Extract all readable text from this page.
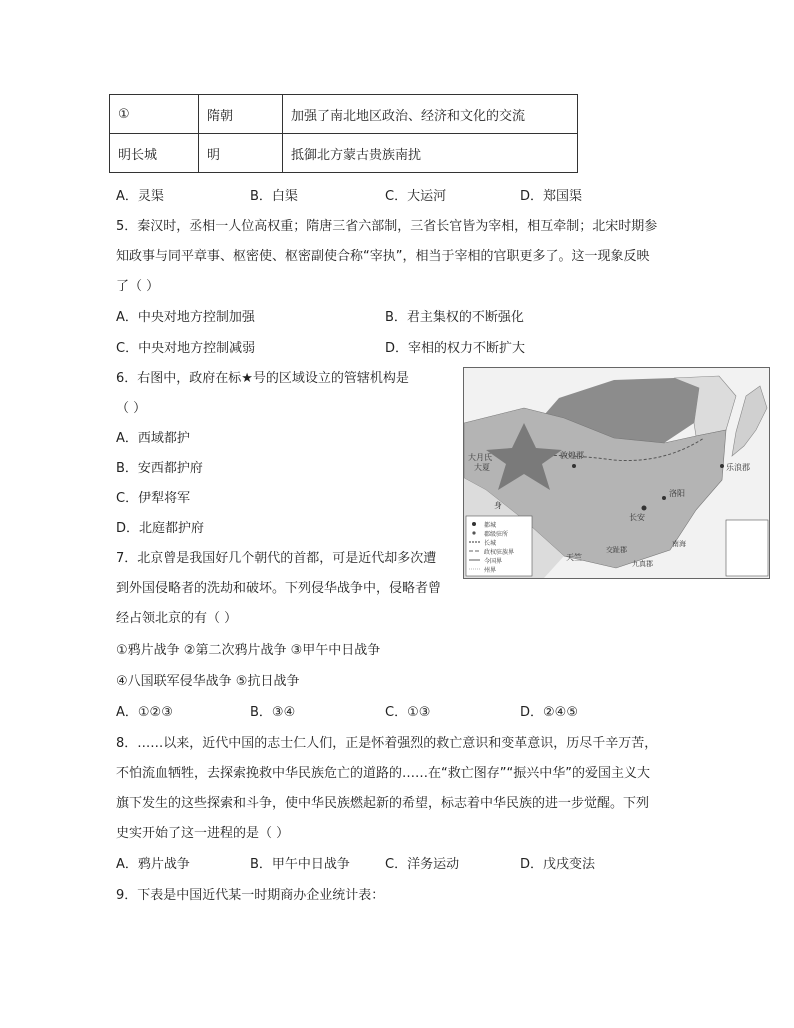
①	隋朝	加强了南北地区政治、经济和文化的交流
明长城	明	抵御北方蒙古贵族南扰
A．灵渠	B．白渠	C．大运河	D．郑国渠
5．秦汉时，丞相一人位高权重；隋唐三省六部制，三省长官皆为宰相，相互牵制；北宋时期参
知政事与同平章事、枢密使、枢密副使合称“宰执”，相当于宰相的官职更多了。这一现象反映
了（ ）
A．中央对地方控制加强	B．君主集权的不断强化
C．中央对地方控制减弱	D．宰相的权力不断扩大
6．右图中，政府在标★号的区域设立的管辖机构是
（ ）
A．西域都护
B．安西都护府
C．伊犁将军
D．北庭都护府
大月氏
大夏
敦煌郡
长安
洛阳
乐浪郡
身
天竺
九真郡
交趾郡
南海
都城
郡级驻所
长城
政权驻族界
今国界
州界
7．北京曾是我国好几个朝代的首都，可是近代却多次遭
到外国侵略者的洗劫和破坏。下列侵华战争中，侵略者曾
经占领北京的有（ ）
①鸦片战争 ②第二次鸦片战争 ③甲午中日战争
④八国联军侵华战争 ⑤抗日战争
A．①②③	B．③④	C．①③	D．②④⑤
8．……以来，近代中国的志士仁人们，正是怀着强烈的救亡意识和变革意识，历尽千辛万苦，
不怕流血牺牲，去探索挽救中华民族危亡的道路的……在“救亡图存”“振兴中华”的爱国主义大
旗下发生的这些探索和斗争，使中华民族燃起新的希望，标志着中华民族的进一步觉醒。下列
史实开始了这一进程的是（ ）
A．鸦片战争	B．甲午中日战争	C．洋务运动	D．戊戌变法
9．下表是中国近代某一时期商办企业统计表：
